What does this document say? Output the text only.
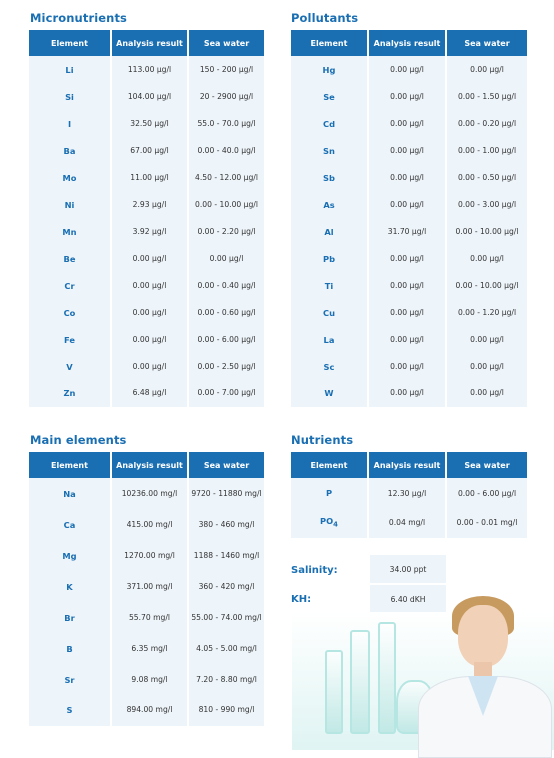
Micronutrients
Element	Analysis result	Sea water
Li	113.00 µg/l	150 - 200 µg/l
Si	104.00 µg/l	20 - 2900 µg/l
I	32.50 µg/l	55.0 - 70.0 µg/l
Ba	67.00 µg/l	0.00 - 40.0 µg/l
Mo	11.00 µg/l	4.50 - 12.00 µg/l
Ni	2.93 µg/l	0.00 - 10.00 µg/l
Mn	3.92 µg/l	0.00 - 2.20 µg/l
Be	0.00 µg/l	0.00 µg/l
Cr	0.00 µg/l	0.00 - 0.40 µg/l
Co	0.00 µg/l	0.00 - 0.60 µg/l
Fe	0.00 µg/l	0.00 - 6.00 µg/l
V	0.00 µg/l	0.00 - 2.50 µg/l
Zn	6.48 µg/l	0.00 - 7.00 µg/l
Pollutants
Element	Analysis result	Sea water
Hg	0.00 µg/l	0.00 µg/l
Se	0.00 µg/l	0.00 - 1.50 µg/l
Cd	0.00 µg/l	0.00 - 0.20 µg/l
Sn	0.00 µg/l	0.00 - 1.00 µg/l
Sb	0.00 µg/l	0.00 - 0.50 µg/l
As	0.00 µg/l	0.00 - 3.00 µg/l
Al	31.70 µg/l	0.00 - 10.00 µg/l
Pb	0.00 µg/l	0.00 µg/l
Ti	0.00 µg/l	0.00 - 10.00 µg/l
Cu	0.00 µg/l	0.00 - 1.20 µg/l
La	0.00 µg/l	0.00 µg/l
Sc	0.00 µg/l	0.00 µg/l
W	0.00 µg/l	0.00 µg/l
Main elements
Element	Analysis result	Sea water
Na	10236.00 mg/l	9720 - 11880 mg/l
Ca	415.00 mg/l	380 - 460 mg/l
Mg	1270.00 mg/l	1188 - 1460 mg/l
K	371.00 mg/l	360 - 420 mg/l
Br	55.70 mg/l	55.00 - 74.00 mg/l
B	6.35 mg/l	4.05 - 5.00 mg/l
Sr	9.08 mg/l	7.20 - 8.80 mg/l
S	894.00 mg/l	810 - 990 mg/l
Nutrients
Element	Analysis result	Sea water
P	12.30 µg/l	0.00 - 6.00 µg/l
$PO_4$	0.04 mg/l	0.00 - 0.01 mg/l
Salinity:	34.00 ppt
KH:	6.40 dKH
